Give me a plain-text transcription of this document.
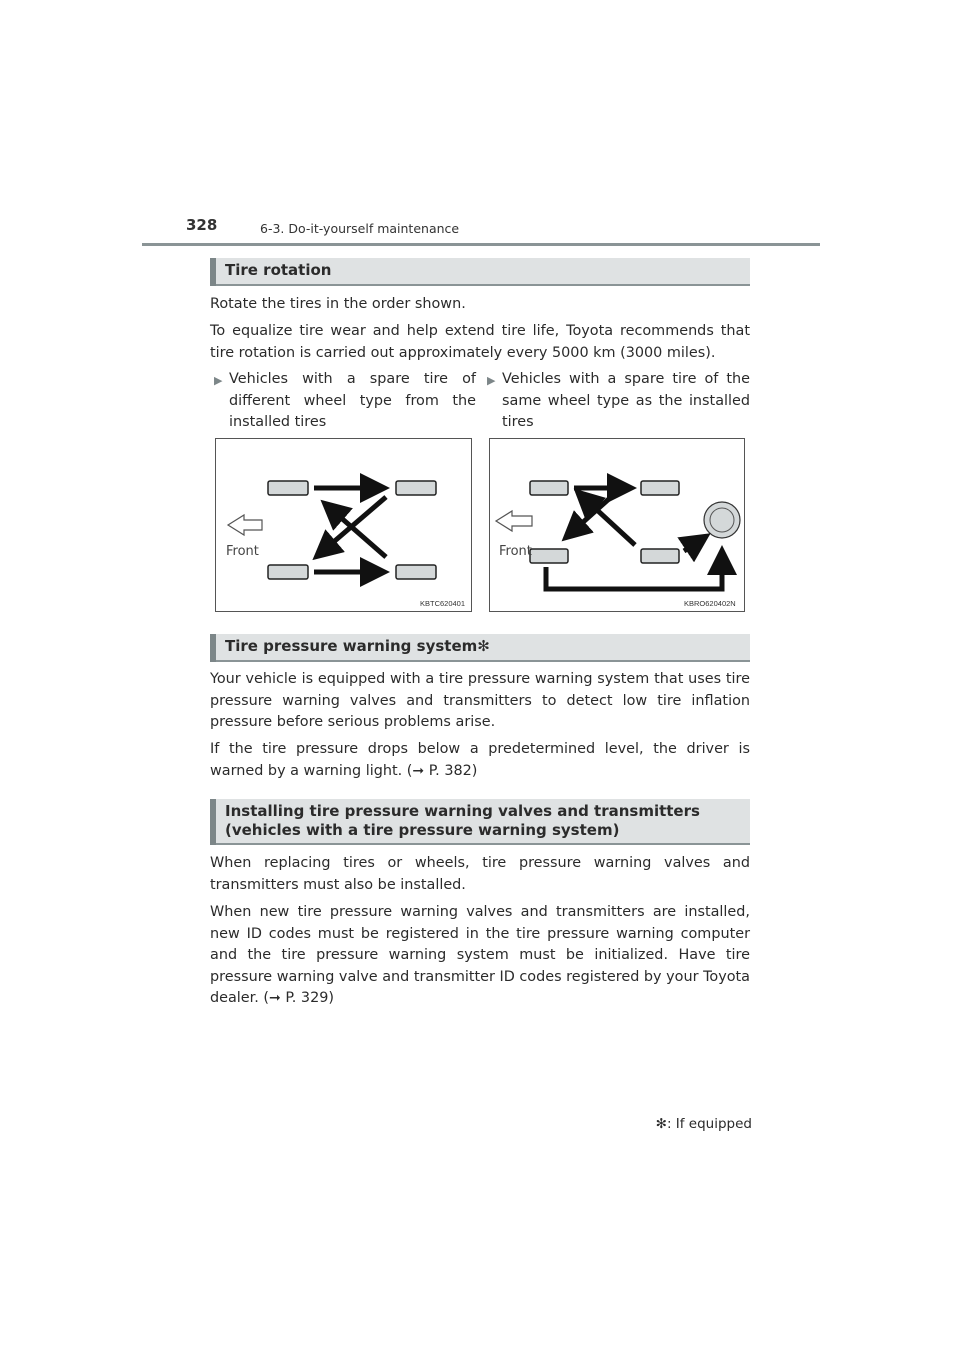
328	6-3. Do-it-yourself maintenance
Tire rotation
Rotate the tires in the order shown.
To equalize tire wear and help extend tire life, Toyota recommends that tire rotation is carried out approximately every 5000 km (3000 miles).
▶ Vehicles with a spare tire of different wheel type from the installed tires
▶ Vehicles with a spare tire of the same wheel type as the installed tires
Front
KBTC620401
Front
KBRO620402N
Tire pressure warning system✻
Your vehicle is equipped with a tire pressure warning system that uses tire pressure warning valves and transmitters to detect low tire inflation pressure before serious problems arise.
If the tire pressure drops below a predetermined level, the driver is warned by a warning light. (➞ P. 382)
Installing tire pressure warning valves and transmitters
(vehicles with a tire pressure warning system)
When replacing tires or wheels, tire pressure warning valves and transmitters must also be installed.
When new tire pressure warning valves and transmitters are installed, new ID codes must be registered in the tire pressure warning computer and the tire pressure warning system must be initialized. Have tire pressure warning valve and transmitter ID codes registered by your Toyota dealer. (➞ P. 329)
✻: If equipped
